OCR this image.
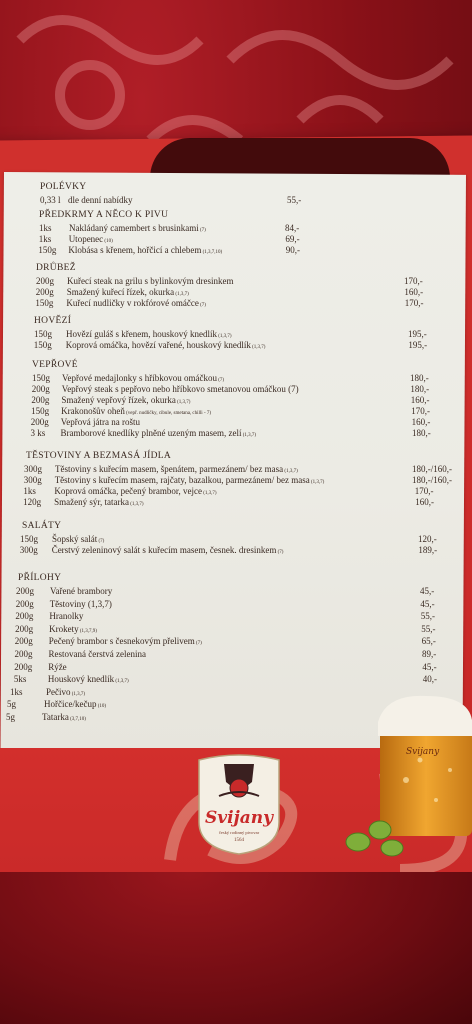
POLÉVKY
0,33 l dle denní nabídky	55,-
PŘEDKRMY A NĚCO K PIVU
1ks Nakládaný camembert s brusinkami (7)	84,-
1ks Utopenec (10)	69,-
150g Klobása s křenem, hořčicí a chlebem (1,3,7,10)	90,-
DRŮBEŽ
200g Kuřecí steak na grilu s bylinkovým dresinkem	170,-
200g Smažený kuřecí řízek, okurka (1,3,7)	160,-
150g Kuřecí nudličky v rokfórové omáčce (7)	170,-
HOVĚZÍ
150g Hovězí guláš s křenem, houskový knedlík (1,3,7)	195,-
150g Koprová omáčka, hovězí vařené, houskový knedlík (1,3,7)	195,-
VEPŘOVÉ
150g Vepřové medajlonky s hříbkovou omáčkou (7)	180,-
200g Vepřový steak s pepřovo nebo hříbkovo smetanovou omáčkou (7)	180,-
200g Smažený vepřový řízek, okurka (1,3,7)	160,-
150g Krakonošův oheň (vepř. nudličky, cibule, smetana, chilli - 7)	170,-
200g Vepřová játra na roštu	160,-
3 ks Bramborové knedlíky plněné uzeným masem, zelí (1,3,7)	180,-
TĚSTOVINY A BEZMASÁ JÍDLA
300g Těstoviny s kuřecím masem, špenátem, parmezánem/ bez masa (1,3,7)	180,-/160,-
300g Těstoviny s kuřecím masem, rajčaty, bazalkou, parmezánem/ bez masa (1,3,7)	180,-/160,-
1ks Koprová omáčka, pečený brambor, vejce (1,3,7)	170,-
120g Smažený sýr, tatarka (1,3,7)	160,-
SALÁTY
150g Šopský salát (7)	120,-
300g Čerstvý zeleninový salát s kuřecím masem, česnek. dresinkem (7)	189,-
PŘÍLOHY
200g Vařené brambory	45,-
200g Těstoviny (1,3,7)	45,-
200g Hranolky	55,-
200g Krokety (1,3,7,9)	55,-
200g Pečený brambor s česnekovým přelivem (7)	65,-
200g Restovaná čerstvá zelenina	89,-
200g Rýže	45,-
5ks Houskový knedlík (1,3,7)	40,-
1ks	Pečivo (1,3,7)
5g	Hořčice/kečup (10)
5g	Tatarka (3,7,10)
Svijany
český rodinný pivovar
1564
Svijany
